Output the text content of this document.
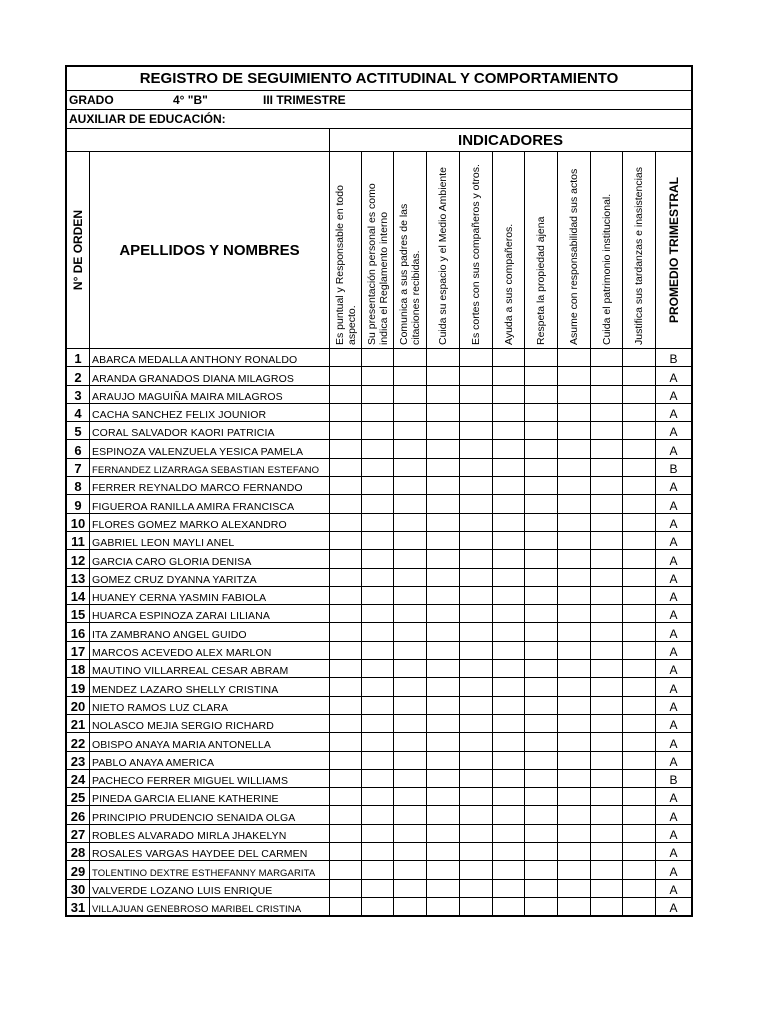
REGISTRO DE SEGUIMIENTO ACTITUDINAL Y COMPORTAMIENTO												
GRADO 4° "B" III TRIMESTRE												
AUXILIAR DE EDUCACIÓN:												
		INDICADORES										

N° DE ORDEN	APELLIDOS Y NOMBRES	Es puntual y Responsable en todo aspecto.	Su presentación personal es como indica el Reglamento interno	Comunica a sus padres de las citaciones recibidas.	Cuida su espacio y el Medio Ambiente	Es cortes con sus compañeros y otros.	Ayuda a sus compañeros.	Respeta la propiedad ajena	Asume con responsabilidad sus actos	Cuida el patrimonio institucional.	Justifica sus tardanzas e inasistencias	PROMEDIO TRIMESTRAL

1	ABARCA MEDALLA ANTHONY RONALDO											B
2	ARANDA GRANADOS DIANA MILAGROS											A
3	ARAUJO MAGUIÑA MAIRA MILAGROS											A
4	CACHA SANCHEZ FELIX JOUNIOR											A
5	CORAL SALVADOR KAORI PATRICIA											A
6	ESPINOZA VALENZUELA YESICA PAMELA											A
7	FERNANDEZ LIZARRAGA SEBASTIAN ESTEFANO											B
8	FERRER REYNALDO MARCO FERNANDO											A
9	FIGUEROA RANILLA AMIRA FRANCISCA											A
10	FLORES GOMEZ MARKO ALEXANDRO											A
11	GABRIEL LEON MAYLI ANEL											A
12	GARCIA CARO GLORIA DENISA											A
13	GOMEZ CRUZ DYANNA YARITZA											A
14	HUANEY CERNA YASMIN FABIOLA											A
15	HUARCA ESPINOZA ZARAI LILIANA											A
16	ITA ZAMBRANO ANGEL GUIDO											A
17	MARCOS ACEVEDO ALEX MARLON											A
18	MAUTINO VILLARREAL CESAR ABRAM											A
19	MENDEZ LAZARO SHELLY CRISTINA											A
20	NIETO RAMOS LUZ CLARA											A
21	NOLASCO MEJIA SERGIO RICHARD											A
22	OBISPO ANAYA MARIA ANTONELLA											A
23	PABLO ANAYA AMERICA											A
24	PACHECO FERRER MIGUEL WILLIAMS											B
25	PINEDA GARCIA ELIANE KATHERINE											A
26	PRINCIPIO PRUDENCIO SENAIDA OLGA											A
27	ROBLES ALVARADO MIRLA JHAKELYN											A
28	ROSALES VARGAS HAYDEE DEL CARMEN											A
29	TOLENTINO DEXTRE ESTHEFANNY MARGARITA											A
30	VALVERDE LOZANO LUIS ENRIQUE											A
31	VILLAJUAN GENEBROSO MARIBEL CRISTINA											A
